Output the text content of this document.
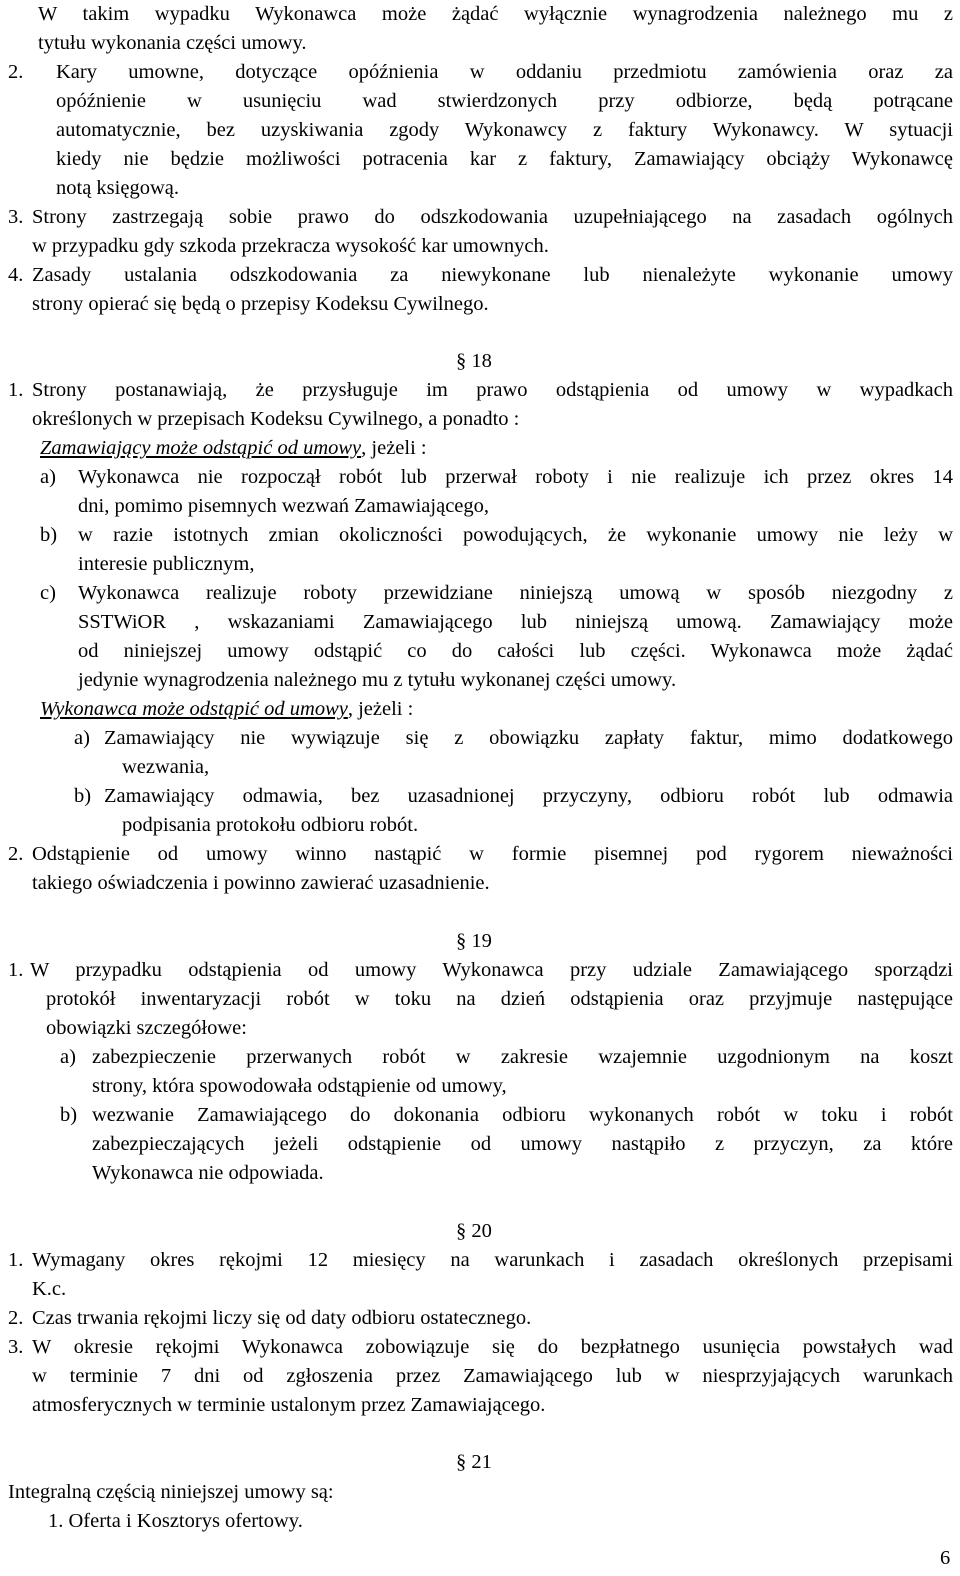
W takim wypadku Wykonawca może żądać wyłącznie wynagrodzenia należnego mu z
tytułu wykonania części umowy.
2. Kary umowne, dotyczące opóźnienia w oddaniu przedmiotu zamówienia oraz za
opóźnienie w usunięciu wad stwierdzonych przy odbiorze, będą potrącane
automatycznie, bez uzyskiwania zgody Wykonawcy z faktury Wykonawcy. W sytuacji
kiedy nie będzie możliwości potracenia kar z faktury, Zamawiający obciąży Wykonawcę
notą księgową.
3. Strony zastrzegają sobie prawo do odszkodowania uzupełniającego na zasadach ogólnych
w przypadku gdy szkoda przekracza wysokość kar umownych.
4. Zasady ustalania odszkodowania za niewykonane lub nienależyte wykonanie umowy
strony opierać się będą o przepisy Kodeksu Cywilnego.
§ 18
1. Strony postanawiają, że przysługuje im prawo odstąpienia od umowy w wypadkach
określonych w przepisach Kodeksu Cywilnego, a ponadto :
Zamawiający może odstąpić od umowy, jeżeli :
a) Wykonawca nie rozpoczął robót lub przerwał roboty i nie realizuje ich przez okres 14
dni, pomimo pisemnych wezwań Zamawiającego,
b) w razie istotnych zmian okoliczności powodujących, że wykonanie umowy nie leży w
interesie publicznym,
c) Wykonawca realizuje roboty przewidziane niniejszą umową w sposób niezgodny z
SSTWiOR , wskazaniami Zamawiającego lub niniejszą umową. Zamawiający może
od niniejszej umowy odstąpić co do całości lub części. Wykonawca może żądać
jedynie wynagrodzenia należnego mu z tytułu wykonanej części umowy.
Wykonawca może odstąpić od umowy, jeżeli :
a) Zamawiający nie wywiązuje się z obowiązku zapłaty faktur, mimo dodatkowego
wezwania,
b) Zamawiający odmawia, bez uzasadnionej przyczyny, odbioru robót lub odmawia
podpisania protokołu odbioru robót.
2. Odstąpienie od umowy winno nastąpić w formie pisemnej pod rygorem nieważności
takiego oświadczenia i powinno zawierać uzasadnienie.
§ 19
1. W przypadku odstąpienia od umowy Wykonawca przy udziale Zamawiającego sporządzi
protokół inwentaryzacji robót w toku na dzień odstąpienia oraz przyjmuje następujące
obowiązki szczegółowe:
a) zabezpieczenie przerwanych robót w zakresie wzajemnie uzgodnionym na koszt
strony, która spowodowała odstąpienie od umowy,
b) wezwanie Zamawiającego do dokonania odbioru wykonanych robót w toku i robót
zabezpieczających jeżeli odstąpienie od umowy nastąpiło z przyczyn, za które
Wykonawca nie odpowiada.
§ 20
1. Wymagany okres rękojmi 12 miesięcy na warunkach i zasadach określonych przepisami
K.c.
2. Czas trwania rękojmi liczy się od daty odbioru ostatecznego.
3. W okresie rękojmi Wykonawca zobowiązuje się do bezpłatnego usunięcia powstałych wad
w terminie 7 dni od zgłoszenia przez Zamawiającego lub w niesprzyjających warunkach
atmosferycznych w terminie ustalonym przez Zamawiającego.
§ 21
Integralną częścią niniejszej umowy są:
1. Oferta i Kosztorys ofertowy.
6
